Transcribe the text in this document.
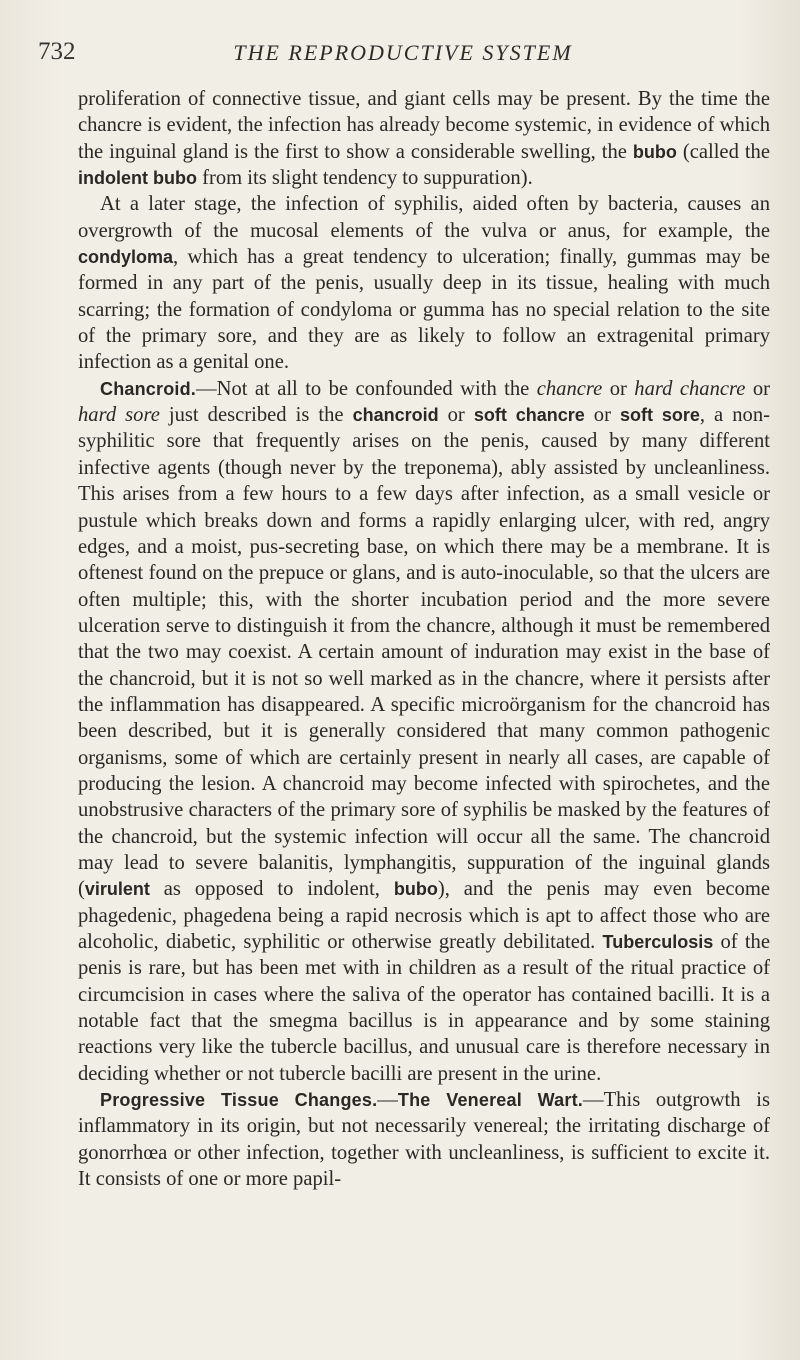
732	THE REPRODUCTIVE SYSTEM

proliferation of connective tissue, and giant cells may be present. By the time the chancre is evident, the infection has already become systemic, in evidence of which the inguinal gland is the first to show a considerable swelling, the bubo (called the indolent bubo from its slight tendency to suppuration).

At a later stage, the infection of syphilis, aided often by bacteria, causes an overgrowth of the mucosal elements of the vulva or anus, for example, the condyloma, which has a great tendency to ulceration; finally, gummas may be formed in any part of the penis, usually deep in its tissue, healing with much scarring; the formation of condyloma or gumma has no special relation to the site of the primary sore, and they are as likely to follow an extragenital primary infection as a genital one.

Chancroid.—Not at all to be confounded with the chancre or hard chancre or hard sore just described is the chancroid or soft chancre or soft sore, a non-syphilitic sore that frequently arises on the penis, caused by many different infective agents (though never by the treponema), ably assisted by uncleanliness. This arises from a few hours to a few days after infection, as a small vesicle or pustule which breaks down and forms a rapidly enlarging ulcer, with red, angry edges, and a moist, pus-secreting base, on which there may be a membrane. It is oftenest found on the prepuce or glans, and is auto-inoculable, so that the ulcers are often multiple; this, with the shorter incubation period and the more severe ulceration serve to distinguish it from the chancre, although it must be remembered that the two may coexist. A certain amount of induration may exist in the base of the chancroid, but it is not so well marked as in the chancre, where it persists after the inflammation has disappeared. A specific microörganism for the chancroid has been described, but it is generally considered that many common pathogenic organisms, some of which are certainly present in nearly all cases, are capable of producing the lesion. A chancroid may become infected with spirochetes, and the unobstrusive characters of the primary sore of syphilis be masked by the features of the chancroid, but the systemic infection will occur all the same. The chancroid may lead to severe balanitis, lymphangitis, suppuration of the inguinal glands (virulent as opposed to indolent, bubo), and the penis may even become phagedenic, phagedena being a rapid necrosis which is apt to affect those who are alcoholic, diabetic, syphilitic or otherwise greatly debilitated. Tuberculosis of the penis is rare, but has been met with in children as a result of the ritual practice of circumcision in cases where the saliva of the operator has contained bacilli. It is a notable fact that the smegma bacillus is in appearance and by some staining reactions very like the tubercle bacillus, and unusual care is therefore necessary in deciding whether or not tubercle bacilli are present in the urine.

Progressive Tissue Changes.—The Venereal Wart.—This outgrowth is inflammatory in its origin, but not necessarily venereal; the irritating discharge of gonorrhœa or other infection, together with uncleanliness, is sufficient to excite it. It consists of one or more papil-
